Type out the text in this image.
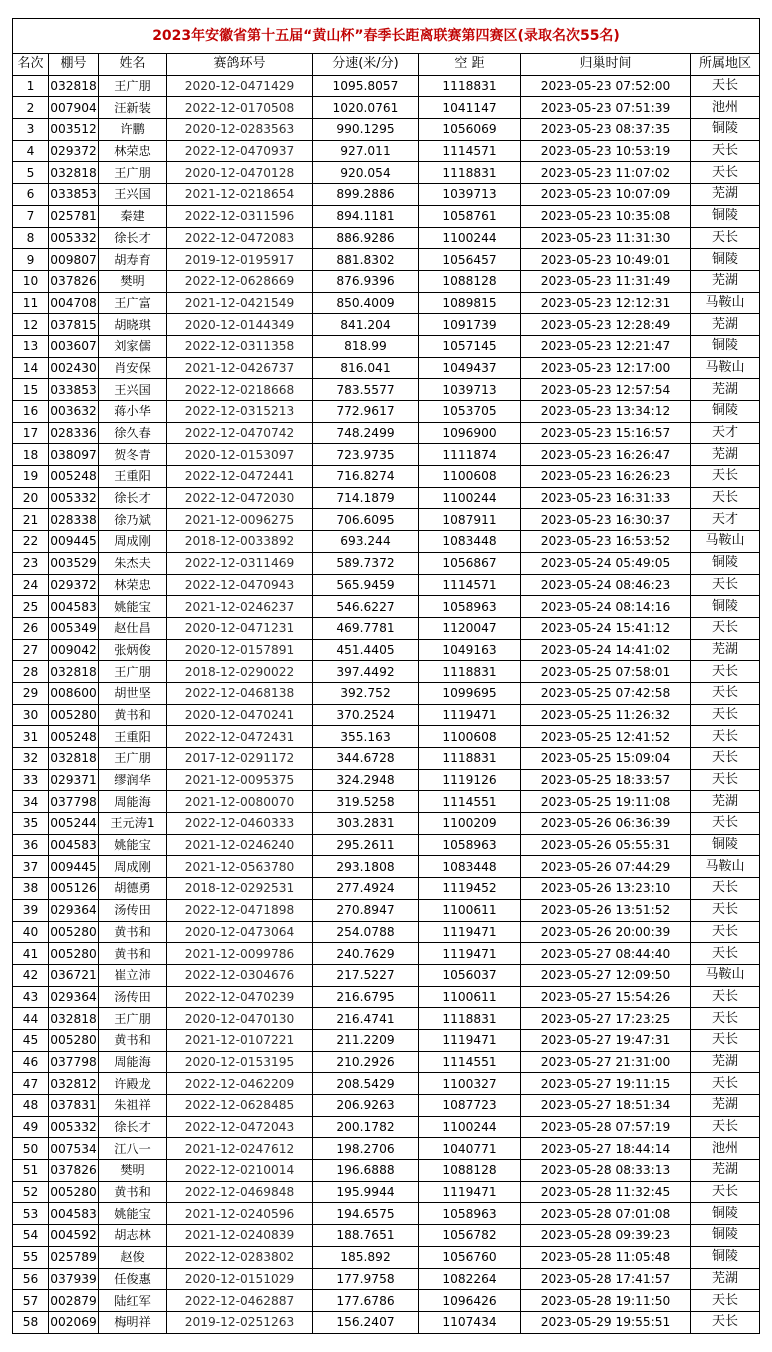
2023年安徽省第十五届“黄山杯”春季长距离联赛第四赛区(录取名次55名)							
名次	棚号	姓名	赛鸽环号	分速(米/分)	空 距	归巢时间	所属地区
1	032818	王广朋	2020-12-0471429	1095.8057	1118831	2023-05-23 07:52:00	天长
2	007904	汪新装	2022-12-0170508	1020.0761	1041147	2023-05-23 07:51:39	池州
3	003512	许鹏	2020-12-0283563	990.1295	1056069	2023-05-23 08:37:35	铜陵
4	029372	林荣忠	2022-12-0470937	927.011	1114571	2023-05-23 10:53:19	天长
5	032818	王广朋	2020-12-0470128	920.054	1118831	2023-05-23 11:07:02	天长
6	033853	王兴国	2021-12-0218654	899.2886	1039713	2023-05-23 10:07:09	芜湖
7	025781	秦建	2022-12-0311596	894.1181	1058761	2023-05-23 10:35:08	铜陵
8	005332	徐长才	2022-12-0472083	886.9286	1100244	2023-05-23 11:31:30	天长
9	009807	胡寿育	2019-12-0195917	881.8302	1056457	2023-05-23 10:49:01	铜陵
10	037826	樊明	2022-12-0628669	876.9396	1088128	2023-05-23 11:31:49	芜湖
11	004708	王广富	2021-12-0421549	850.4009	1089815	2023-05-23 12:12:31	马鞍山
12	037815	胡晓琪	2020-12-0144349	841.204	1091739	2023-05-23 12:28:49	芜湖
13	003607	刘家儒	2022-12-0311358	818.99	1057145	2023-05-23 12:21:47	铜陵
14	002430	肖安保	2021-12-0426737	816.041	1049437	2023-05-23 12:17:00	马鞍山
15	033853	王兴国	2022-12-0218668	783.5577	1039713	2023-05-23 12:57:54	芜湖
16	003632	蒋小华	2022-12-0315213	772.9617	1053705	2023-05-23 13:34:12	铜陵
17	028336	徐久春	2022-12-0470742	748.2499	1096900	2023-05-23 15:16:57	天才
18	038097	贺冬青	2020-12-0153097	723.9735	1111874	2023-05-23 16:26:47	芜湖
19	005248	王重阳	2022-12-0472441	716.8274	1100608	2023-05-23 16:26:23	天长
20	005332	徐长才	2022-12-0472030	714.1879	1100244	2023-05-23 16:31:33	天长
21	028338	徐乃斌	2021-12-0096275	706.6095	1087911	2023-05-23 16:30:37	天才
22	009445	周成刚	2018-12-0033892	693.244	1083448	2023-05-23 16:53:52	马鞍山
23	003529	朱杰夫	2022-12-0311469	589.7372	1056867	2023-05-24 05:49:05	铜陵
24	029372	林荣忠	2022-12-0470943	565.9459	1114571	2023-05-24 08:46:23	天长
25	004583	姚能宝	2021-12-0246237	546.6227	1058963	2023-05-24 08:14:16	铜陵
26	005349	赵仕昌	2020-12-0471231	469.7781	1120047	2023-05-24 15:41:12	天长
27	009042	张炳俊	2020-12-0157891	451.4405	1049163	2023-05-24 14:41:02	芜湖
28	032818	王广朋	2018-12-0290022	397.4492	1118831	2023-05-25 07:58:01	天长
29	008600	胡世坚	2022-12-0468138	392.752	1099695	2023-05-25 07:42:58	天长
30	005280	黄书和	2020-12-0470241	370.2524	1119471	2023-05-25 11:26:32	天长
31	005248	王重阳	2022-12-0472431	355.163	1100608	2023-05-25 12:41:52	天长
32	032818	王广朋	2017-12-0291172	344.6728	1118831	2023-05-25 15:09:04	天长
33	029371	缪润华	2021-12-0095375	324.2948	1119126	2023-05-25 18:33:57	天长
34	037798	周能海	2021-12-0080070	319.5258	1114551	2023-05-25 19:11:08	芜湖
35	005244	王元涛1	2022-12-0460333	303.2831	1100209	2023-05-26 06:36:39	天长
36	004583	姚能宝	2021-12-0246240	295.2611	1058963	2023-05-26 05:55:31	铜陵
37	009445	周成刚	2021-12-0563780	293.1808	1083448	2023-05-26 07:44:29	马鞍山
38	005126	胡德勇	2018-12-0292531	277.4924	1119452	2023-05-26 13:23:10	天长
39	029364	汤传田	2022-12-0471898	270.8947	1100611	2023-05-26 13:51:52	天长
40	005280	黄书和	2020-12-0473064	254.0788	1119471	2023-05-26 20:00:39	天长
41	005280	黄书和	2021-12-0099786	240.7629	1119471	2023-05-27 08:44:40	天长
42	036721	崔立沛	2022-12-0304676	217.5227	1056037	2023-05-27 12:09:50	马鞍山
43	029364	汤传田	2022-12-0470239	216.6795	1100611	2023-05-27 15:54:26	天长
44	032818	王广朋	2020-12-0470130	216.4741	1118831	2023-05-27 17:23:25	天长
45	005280	黄书和	2021-12-0107221	211.2209	1119471	2023-05-27 19:47:31	天长
46	037798	周能海	2020-12-0153195	210.2926	1114551	2023-05-27 21:31:00	芜湖
47	032812	许殿龙	2022-12-0462209	208.5429	1100327	2023-05-27 19:11:15	天长
48	037831	朱祖祥	2022-12-0628485	206.9263	1087723	2023-05-27 18:51:34	芜湖
49	005332	徐长才	2022-12-0472043	200.1782	1100244	2023-05-28 07:57:19	天长
50	007534	江八一	2021-12-0247612	198.2706	1040771	2023-05-27 18:44:14	池州
51	037826	樊明	2022-12-0210014	196.6888	1088128	2023-05-28 08:33:13	芜湖
52	005280	黄书和	2022-12-0469848	195.9944	1119471	2023-05-28 11:32:45	天长
53	004583	姚能宝	2021-12-0240596	194.6575	1058963	2023-05-28 07:01:08	铜陵
54	004592	胡志林	2021-12-0240839	188.7651	1056782	2023-05-28 09:39:23	铜陵
55	025789	赵俊	2022-12-0283802	185.892	1056760	2023-05-28 11:05:48	铜陵
56	037939	任俊惠	2020-12-0151029	177.9758	1082264	2023-05-28 17:41:57	芜湖
57	002879	陆红军	2022-12-0462887	177.6786	1096426	2023-05-28 19:11:50	天长
58	002069	梅明祥	2019-12-0251263	156.2407	1107434	2023-05-29 19:55:51	天长
